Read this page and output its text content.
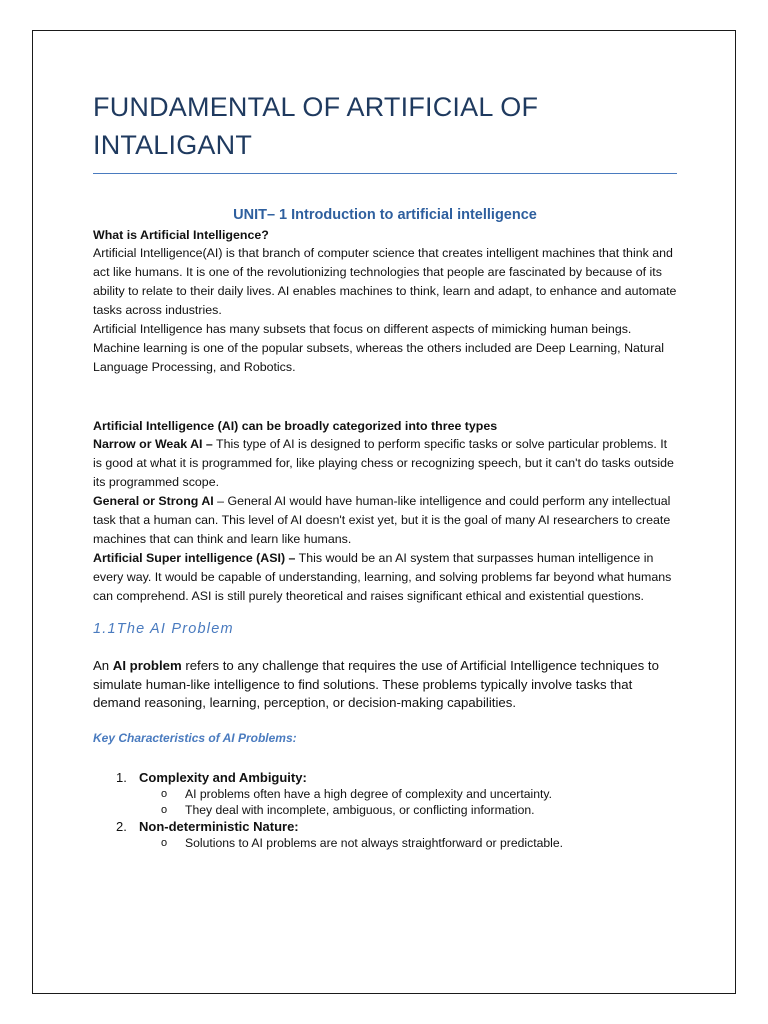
FUNDAMENTAL OF ARTIFICIAL OF INTALIGANT
UNIT– 1 Introduction to artificial intelligence
What is Artificial Intelligence?

Artificial Intelligence(AI) is that branch of computer science that creates intelligent machines that think and act like humans. It is one of the revolutionizing technologies that people are fascinated by because of its ability to relate to their daily lives. AI enables machines to think, learn and adapt, to enhance and automate tasks across industries.

Artificial Intelligence has many subsets that focus on different aspects of mimicking human beings. Machine learning is one of the popular subsets, whereas the others included are Deep Learning, Natural Language Processing, and Robotics.

Artificial Intelligence (AI) can be broadly categorized into three types

Narrow or Weak AI – This type of AI is designed to perform specific tasks or solve particular problems. It is good at what it is programmed for, like playing chess or recognizing speech, but it can't do tasks outside its programmed scope.

General or Strong AI – General AI would have human-like intelligence and could perform any intellectual task that a human can. This level of AI doesn't exist yet, but it is the goal of many AI researchers to create machines that can think and learn like humans.

Artificial Super intelligence (ASI) – This would be an AI system that surpasses human intelligence in every way. It would be capable of understanding, learning, and solving problems far beyond what humans can comprehend. ASI is still purely theoretical and raises significant ethical and existential questions.

1.1The AI Problem

An AI problem refers to any challenge that requires the use of Artificial Intelligence techniques to simulate human-like intelligence to find solutions. These problems typically involve tasks that demand reasoning, learning, perception, or decision-making capabilities.

Key Characteristics of AI Problems:
1. Complexity and Ambiguity:
o AI problems often have a high degree of complexity and uncertainty.
o They deal with incomplete, ambiguous, or conflicting information.
2. Non-deterministic Nature:
o Solutions to AI problems are not always straightforward or predictable.
